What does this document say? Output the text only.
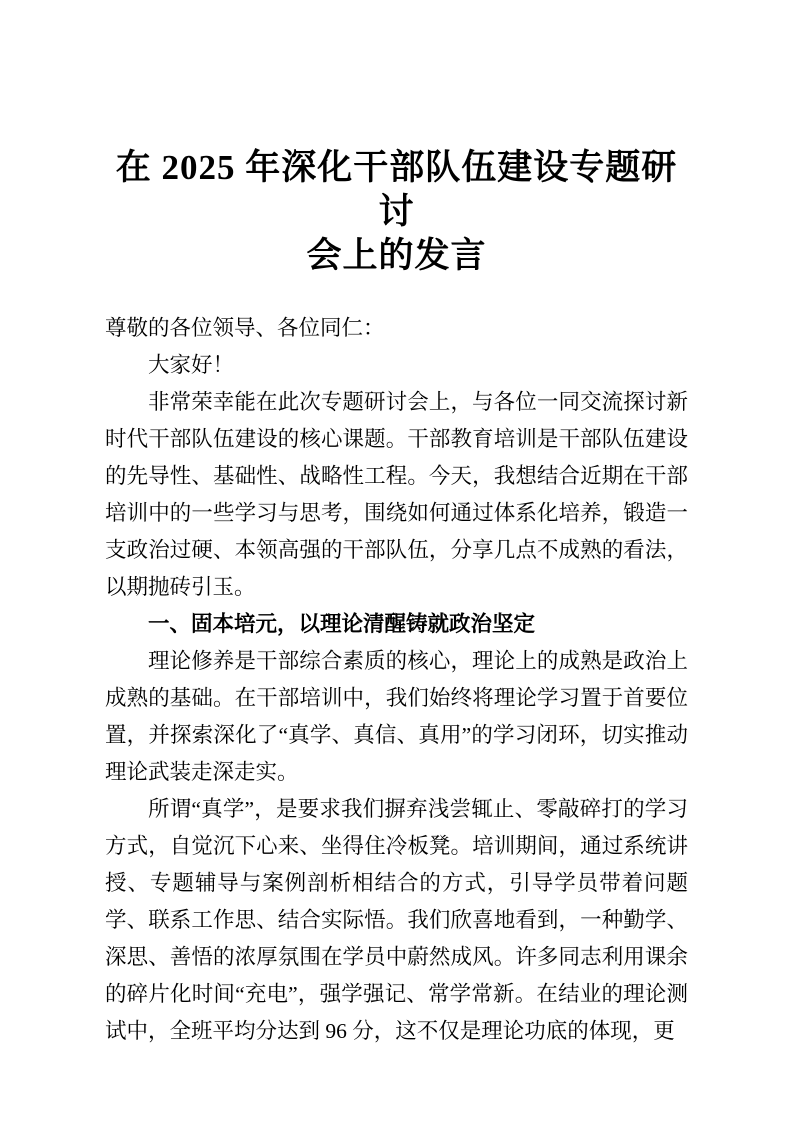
在 2025 年深化干部队伍建设专题研讨
会上的发言

尊敬的各位领导、各位同仁：

大家好！

非常荣幸能在此次专题研讨会上，与各位一同交流探讨新时代干部队伍建设的核心课题。干部教育培训是干部队伍建设的先导性、基础性、战略性工程。今天，我想结合近期在干部培训中的一些学习与思考，围绕如何通过体系化培养，锻造一支政治过硬、本领高强的干部队伍，分享几点不成熟的看法，以期抛砖引玉。

一、固本培元，以理论清醒铸就政治坚定

理论修养是干部综合素质的核心，理论上的成熟是政治上成熟的基础。在干部培训中，我们始终将理论学习置于首要位置，并探索深化了“真学、真信、真用”的学习闭环，切实推动理论武装走深走实。

所谓“真学”，是要求我们摒弃浅尝辄止、零敲碎打的学习方式，自觉沉下心来、坐得住冷板凳。培训期间，通过系统讲授、专题辅导与案例剖析相结合的方式，引导学员带着问题学、联系工作思、结合实际悟。我们欣喜地看到，一种勤学、深思、善悟的浓厚氛围在学员中蔚然成风。许多同志利用课余的碎片化时间“充电”，强学强记、常学常新。在结业的理论测试中，全班平均分达到 96 分，这不仅是理论功底的体现，更
